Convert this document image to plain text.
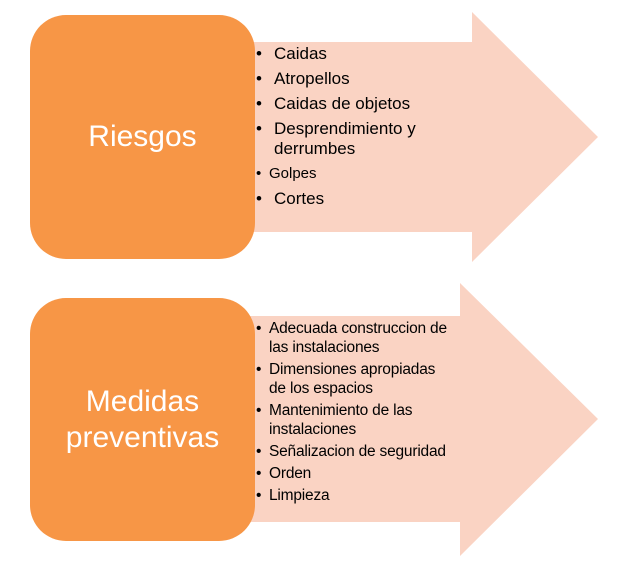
Riesgos
Medidas
preventivas
• Caidas
• Atropellos
• Caidas de objetos
• Desprendimiento y
derrumbes
• Golpes
• Cortes
• Adecuada construccion de
las instalaciones
• Dimensiones apropiadas
de los espacios
• Mantenimiento de las
instalaciones
• Señalizacion de seguridad
• Orden
• Limpieza
